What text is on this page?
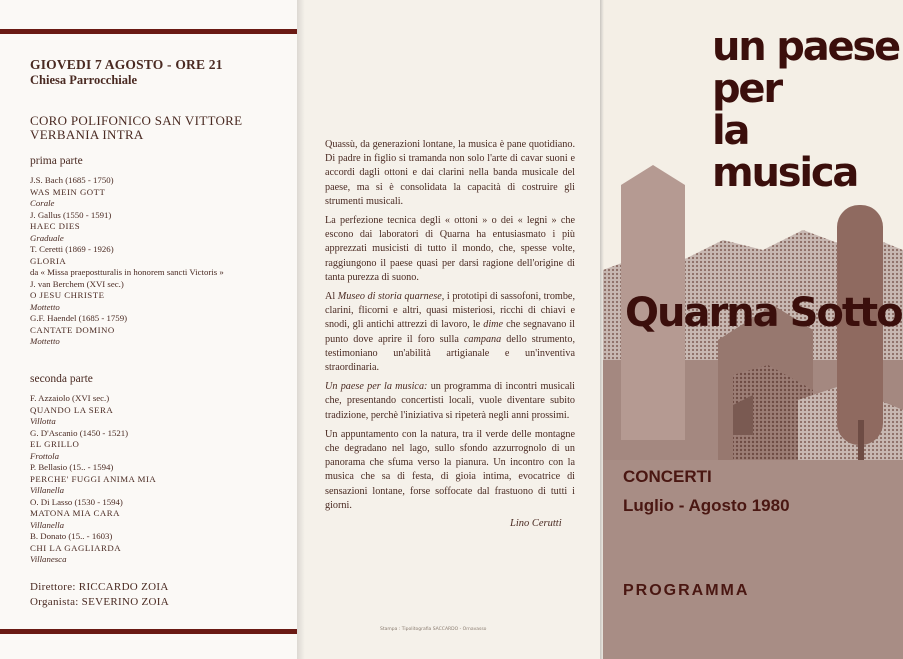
GIOVEDI 7 AGOSTO - ORE 21
Chiesa Parrocchiale
CORO POLIFONICO SAN VITTORE
VERBANIA INTRA
prima parte
J.S. Bach (1685 - 1750)
WAS MEIN GOTT
Corale
J. Gallus (1550 - 1591)
HAEC DIES
Graduale
T. Ceretti (1869 - 1926)
GLORIA
da « Missa praepostturalis in honorem sancti Victoris »
J. van Berchem (XVI sec.)
O JESU CHRISTE
Mottetto
G.F. Haendel (1685 - 1759)
CANTATE DOMINO
Mottetto
seconda parte
F. Azzaiolo (XVI sec.)
QUANDO LA SERA
Villotta
G. D'Ascanio (1450 - 1521)
EL GRILLO
Frottola
P. Bellasio (15.. - 1594)
PERCHE' FUGGI ANIMA MIA
Villanella
O. Di Lasso (1530 - 1594)
MATONA MIA CARA
Villanella
B. Donato (15.. - 1603)
CHI LA GAGLIARDA
Villanesca
Direttore: RICCARDO ZOIA
Organista: SEVERINO ZOIA

Quassù, da generazioni lontane, la musica è pane quotidiano. Di padre in figlio si tramanda non solo l'arte di cavar suoni e accordi dagli ottoni e dai clarini nella banda musicale del paese, ma si è consolidata la capacità di costruire gli strumenti musicali.

La perfezione tecnica degli « ottoni » o dei « legni » che escono dai laboratori di Quarna ha entusiasmato i più apprezzati musicisti di tutto il mondo, che, spesse volte, raggiungono il paese quasi per darsi ragione dell'origine di tanta purezza di suono.

Al Museo di storia quarnese, i prototipi di sassofoni, trombe, clarini, flicorni e altri, quasi misteriosi, ricchi di chiavi e snodi, gli antichi attrezzi di lavoro, le dime che segnavano il punto dove aprire il foro sulla campana dello strumento, testimoniano un'abilità artigianale e un'inventiva straordinaria.

Un paese per la musica: un programma di incontri musicali che, presentando concertisti locali, vuole diventare subito tradizione, perchè l'iniziativa si ripeterà negli anni prossimi.

Un appuntamento con la natura, tra il verde delle montagne che degradano nel lago, sullo sfondo azzurrognolo di un panorama che sfuma verso la pianura. Un incontro con la musica che sa di festa, di gioia intima, evocatrice di sensazioni lontane, forse soffocate dal frastuono di tutti i giorni.

Lino Cerutti
Stampa : Tipolitografia SACCARDO - Ornavasso
un paese
per
la musica
Quarna Sotto
CONCERTI
Luglio - Agosto 1980
PROGRAMMA
